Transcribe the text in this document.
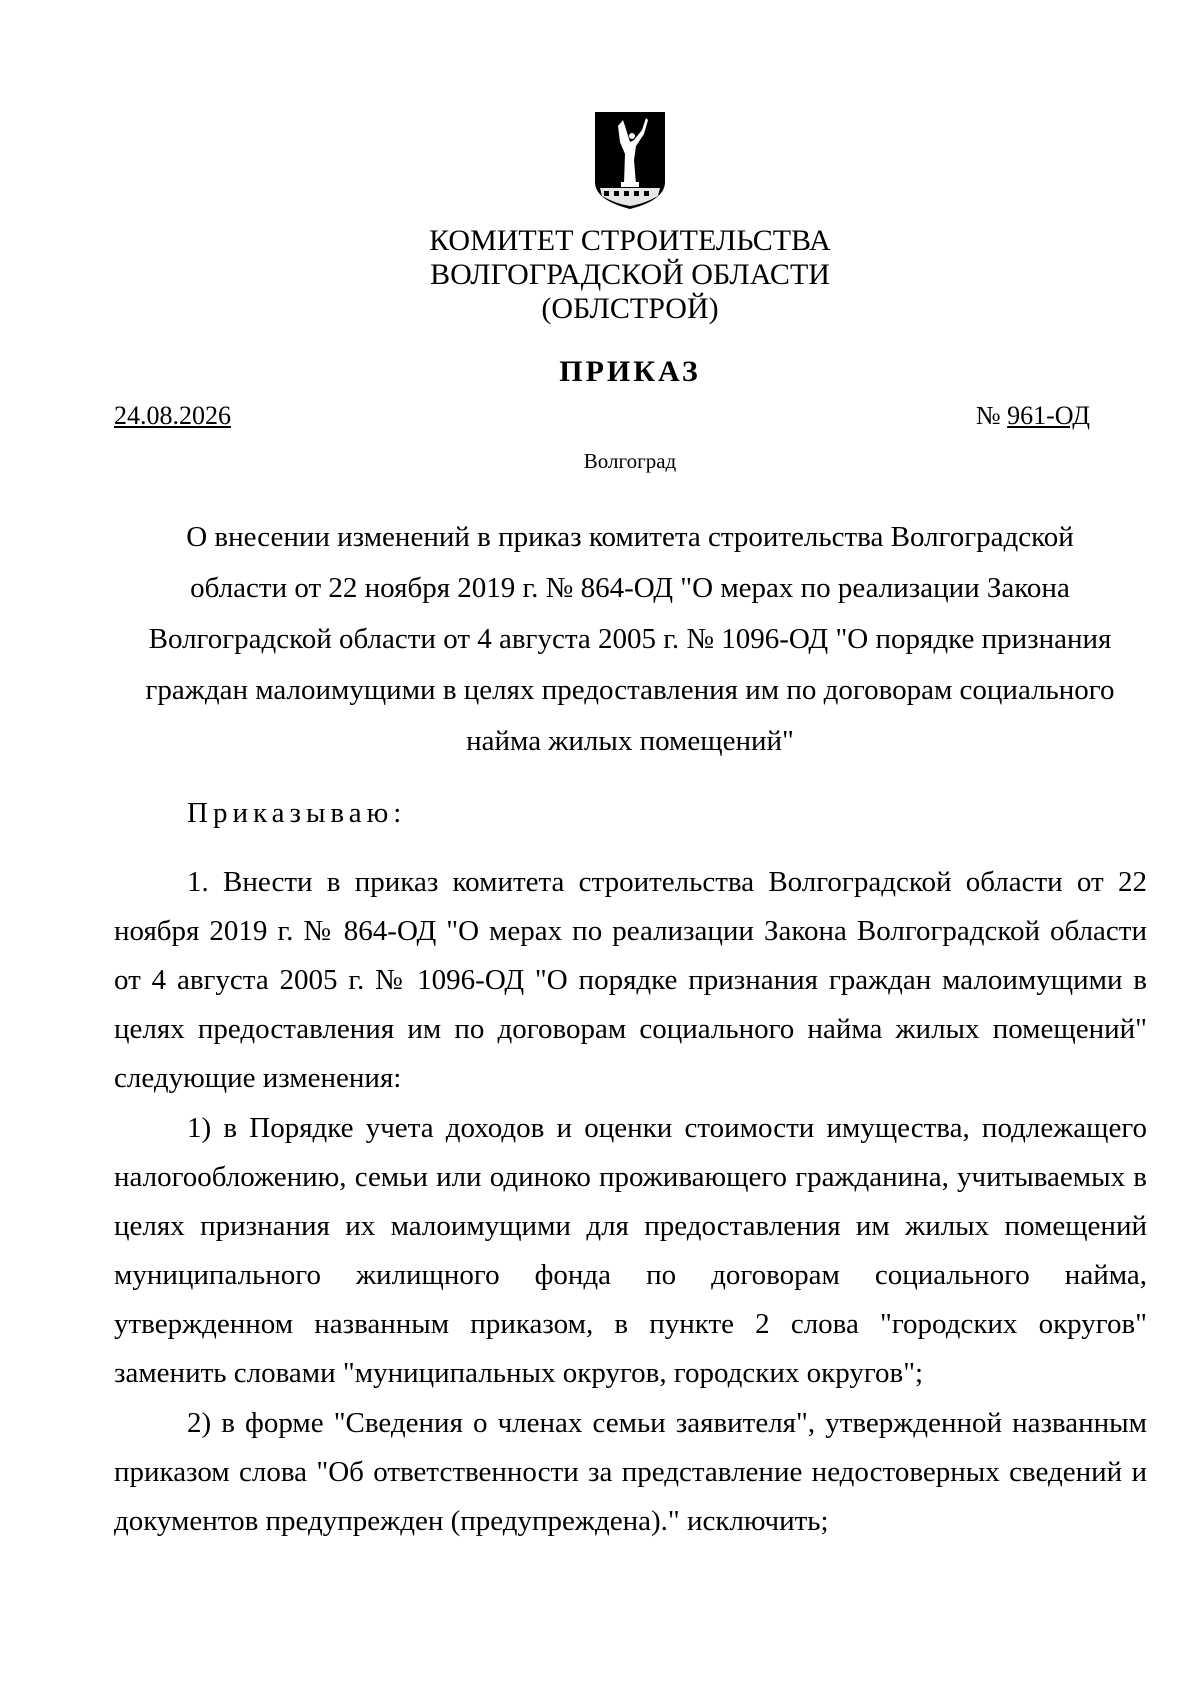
КОМИТЕТ СТРОИТЕЛЬСТВА
ВОЛГОГРАДСКОЙ ОБЛАСТИ
(ОБЛСТРОЙ)
ПРИКАЗ
24.08.2026	№ 961-ОД
Волгоград
О внесении изменений в приказ комитета строительства Волгоградской области от 22 ноября 2019 г. № 864-ОД "О мерах по реализации Закона Волгоградской области от 4 августа 2005 г. № 1096-ОД "О порядке признания граждан малоимущими в целях предоставления им по договорам социального найма жилых помещений"
Приказываю:
1. Внести в приказ комитета строительства Волгоградской области от 22 ноября 2019 г. № 864-ОД "О мерах по реализации Закона Волгоградской области от 4 августа 2005 г. № 1096-ОД "О порядке признания граждан малоимущими в целях предоставления им по договорам социального найма жилых помещений" следующие изменения:
1) в Порядке учета доходов и оценки стоимости имущества, подлежащего налогообложению, семьи или одиноко проживающего гражданина, учитываемых в целях признания их малоимущими для предоставления им жилых помещений муниципального жилищного фонда по договорам социального найма, утвержденном названным приказом, в пункте 2 слова "городских округов" заменить словами "муниципальных округов, городских округов";
2) в форме "Сведения о членах семьи заявителя", утвержденной названным приказом слова "Об ответственности за представление недостоверных сведений и документов предупрежден (предупреждена)." исключить;
